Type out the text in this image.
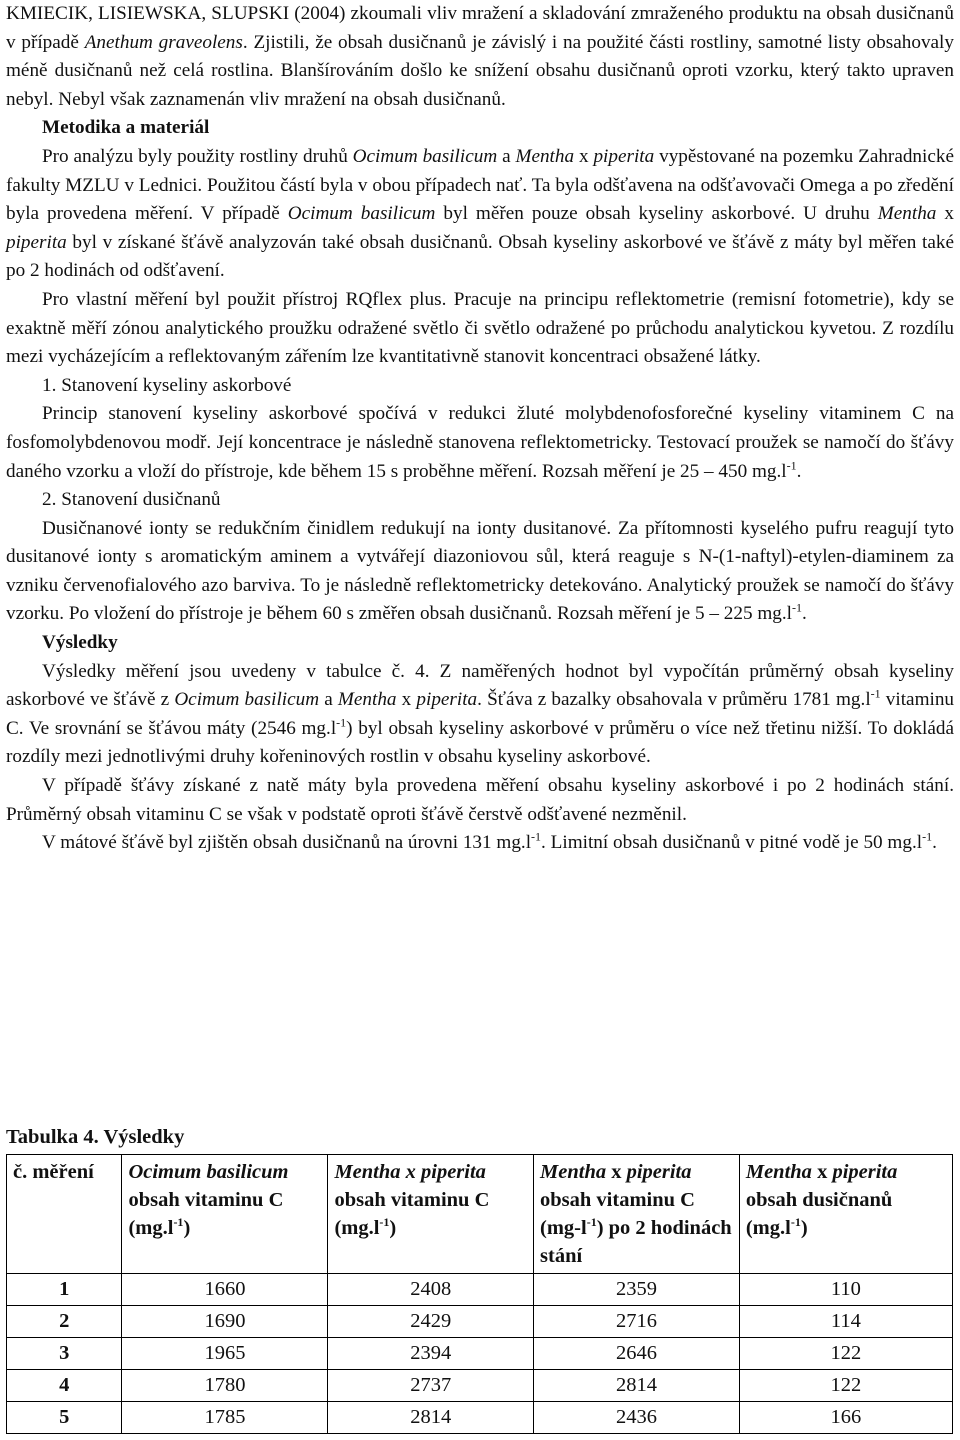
KMIECIK, LISIEWSKA, SLUPSKI (2004) zkoumali vliv mražení a skladování zmraženého produktu na obsah dusičnanů v případě Anethum graveolens. Zjistili, že obsah dusičnanů je závislý i na použité části rostliny, samotné listy obsahovaly méně dusičnanů než celá rostlina. Blanšírováním došlo ke snížení obsahu dusičnanů oproti vzorku, který takto upraven nebyl. Nebyl však zaznamenán vliv mražení na obsah dusičnanů.

Metodika a materiál

Pro analýzu byly použity rostliny druhů Ocimum basilicum a Mentha x piperita vypěstované na pozemku Zahradnické fakulty MZLU v Lednici. Použitou částí byla v obou případech nať. Ta byla odšťavena na odšťavovači Omega a po zředění byla provedena měření. V případě Ocimum basilicum byl měřen pouze obsah kyseliny askorbové. U druhu Mentha x piperita byl v získané šťávě analyzován také obsah dusičnanů. Obsah kyseliny askorbové ve šťávě z máty byl měřen také po 2 hodinách od odšťavení.

Pro vlastní měření byl použit přístroj RQflex plus. Pracuje na principu reflektometrie (remisní fotometrie), kdy se exaktně měří zónou analytického proužku odražené světlo či světlo odražené po průchodu analytickou kyvetou. Z rozdílu mezi vycházejícím a reflektovaným zářením lze kvantitativně stanovit koncentraci obsažené látky.

1. Stanovení kyseliny askorbové

Princip stanovení kyseliny askorbové spočívá v redukci žluté molybdenofosforečné kyseliny vitaminem C na fosfomolybdenovou modř. Její koncentrace je následně stanovena reflektometricky. Testovací proužek se namočí do šťávy daného vzorku a vloží do přístroje, kde během 15 s proběhne měření. Rozsah měření je 25 – 450 $mg.l^{-1}$.

2. Stanovení dusičnanů

Dusičnanové ionty se redukčním činidlem redukují na ionty dusitanové. Za přítomnosti kyselého pufru reagují tyto dusitanové ionty s aromatickým aminem a vytvářejí diazoniovou sůl, která reaguje s N-(1-naftyl)-etylen-diaminem za vzniku červenofialového azo barviva. To je následně reflektometricky detekováno. Analytický proužek se namočí do šťávy vzorku. Po vložení do přístroje je během 60 s změřen obsah dusičnanů. Rozsah měření je 5 – 225 $mg.l^{-1}$.

Výsledky

Výsledky měření jsou uvedeny v tabulce č. 4. Z naměřených hodnot byl vypočítán průměrný obsah kyseliny askorbové ve šťávě z Ocimum basilicum a Mentha x piperita. Šťáva z bazalky obsahovala v průměru 1781 $mg.l^{-1}$ vitaminu C. Ve srovnání se šťávou máty (2546 $mg.l^{-1}$) byl obsah kyseliny askorbové v průměru o více než třetinu nižší. To dokládá rozdíly mezi jednotlivými druhy kořeninových rostlin v obsahu kyseliny askorbové.

V případě šťávy získané z natě máty byla provedena měření obsahu kyseliny askorbové i po 2 hodinách stání. Průměrný obsah vitaminu C se však v podstatě oproti šťávě čerstvě odšťavené nezměnil.

V mátové šťávě byl zjištěn obsah dusičnanů na úrovni 131 $mg.l^{-1}$. Limitní obsah dusičnanů v pitné vodě je 50 $mg.l^{-1}$.

Tabulka 4. Výsledky
č. měření	Ocimum basilicum obsah vitaminu C $(mg.l^{-1})$	Mentha x piperita obsah vitaminu C $(mg.l^{-1})$	Mentha x piperita obsah vitaminu C $(mg-l^{-1})$ po 2 hodinách stání	Mentha x piperita obsah dusičnanů $(mg.l^{-1})$
1	1660	2408	2359	110
2	1690	2429	2716	114
3	1965	2394	2646	122
4	1780	2737	2814	122
5	1785	2814	2436	166
